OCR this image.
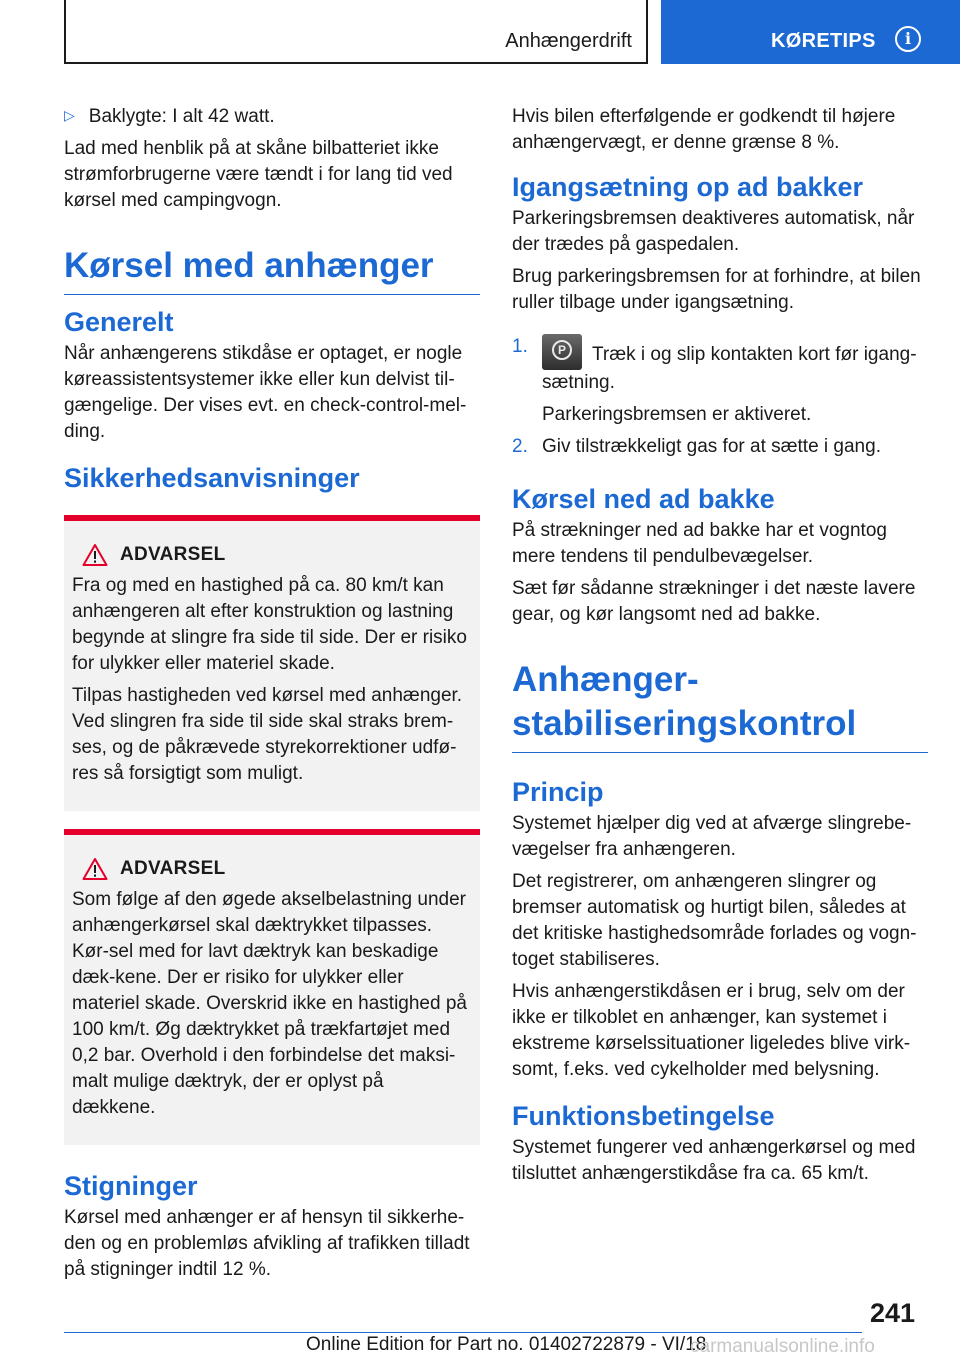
Anhængerdrift	KØRETIPS	i
▷ Baklygte: I alt 42 watt.

Lad med henblik på at skåne bilbatteriet ikke strømforbrugerne være tændt i for lang tid ved kørsel med campingvogn.

Kørsel med anhænger
Generelt

Når anhængerens stikdåse er optaget, er nogle køreassistentsystemer ikke eller kun delvist til-gængelige. Der vises evt. en check-control-mel-ding.

Sikkerhedsanvisninger
ADVARSEL

Fra og med en hastighed på ca. 80 km/t kan anhængeren alt efter konstruktion og lastning begynde at slingre fra side til side. Der er risiko for ulykker eller materiel skade.

Tilpas hastigheden ved kørsel med anhænger. Ved slingren fra side til side skal straks brem-ses, og de påkrævede styrekorrektioner udfø-res så forsigtigt som muligt.

ADVARSEL

Som følge af den øgede akselbelastning under anhængerkørsel skal dæktrykket tilpasses. Kør-sel med for lavt dæktryk kan beskadige dæk-kene. Der er risiko for ulykker eller materiel skade. Overskrid ikke en hastighed på 100 km/t. Øg dæktrykket på trækfartøjet med 0,2 bar. Overhold i den forbindelse det maksi-malt mulige dæktryk, der er oplyst på dækkene.

Stigninger

Kørsel med anhænger er af hensyn til sikkerhe-den og en problemløs afvikling af trafikken tilladt på stigninger indtil 12 %.

Hvis bilen efterfølgende er godkendt til højere anhængervægt, er denne grænse 8 %.

Igangsætning op ad bakker

Parkeringsbremsen deaktiveres automatisk, når der trædes på gaspedalen.

Brug parkeringsbremsen for at forhindre, at bilen ruller tilbage under igangsætning.

1.

P	Træk i og slip kontakten kort før igang-sætning.

Parkeringsbremsen er aktiveret.

2. Giv tilstrækkeligt gas for at sætte i gang.

Kørsel ned ad bakke

På strækninger ned ad bakke har et vogntog mere tendens til pendulbevægelser.

Sæt før sådanne strækninger i det næste lavere gear, og kør langsomt ned ad bakke.

Anhænger-
stabiliseringskontrol
Princip

Systemet hjælper dig ved at afværge slingrebe-vægelser fra anhængeren.

Det registrerer, om anhængeren slingrer og bremser automatisk og hurtigt bilen, således at det kritiske hastighedsområde forlades og vogn-toget stabiliseres.

Hvis anhængerstikdåsen er i brug, selv om der ikke er tilkoblet en anhænger, kan systemet i ekstreme kørselssituationer ligeledes blive virk-somt, f.eks. ved cykelholder med belysning.

Funktionsbetingelse

Systemet fungerer ved anhængerkørsel og med tilsluttet anhængerstikdåse fra ca. 65 km/t.

241
Online Edition for Part no. 01402722879 - VI/18
carmanualsonline.info
